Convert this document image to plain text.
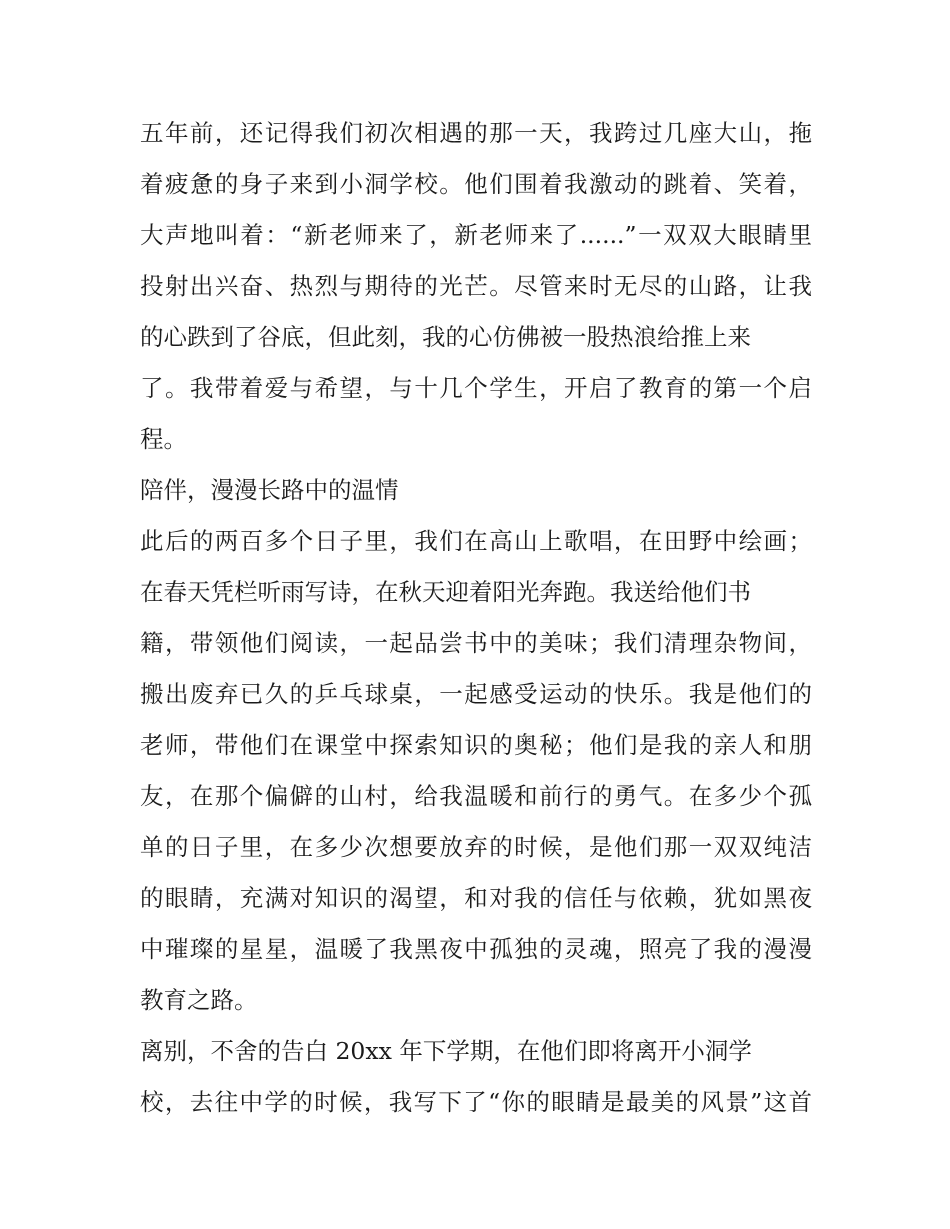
五年前，还记得我们初次相遇的那一天，我跨过几座大山，拖
着疲惫的身子来到小洞学校。他们围着我激动的跳着、笑着，
大声地叫着：“新老师来了，新老师来了......”一双双大眼睛里
投射出兴奋、热烈与期待的光芒。尽管来时无尽的山路，让我
的心跌到了谷底，但此刻，我的心仿佛被一股热浪给推上来
了。我带着爱与希望，与十几个学生，开启了教育的第一个启
程。
陪伴，漫漫长路中的温情
此后的两百多个日子里，我们在高山上歌唱，在田野中绘画；
在春天凭栏听雨写诗，在秋天迎着阳光奔跑。我送给他们书
籍，带领他们阅读，一起品尝书中的美味；我们清理杂物间，
搬出废弃已久的乒乓球桌，一起感受运动的快乐。我是他们的
老师，带他们在课堂中探索知识的奥秘；他们是我的亲人和朋
友，在那个偏僻的山村，给我温暖和前行的勇气。在多少个孤
单的日子里，在多少次想要放弃的时候，是他们那一双双纯洁
的眼睛，充满对知识的渴望，和对我的信任与依赖，犹如黑夜
中璀璨的星星，温暖了我黑夜中孤独的灵魂，照亮了我的漫漫
教育之路。
离别，不舍的告白 20xx 年下学期，在他们即将离开小洞学
校，去往中学的时候，我写下了“你的眼睛是最美的风景”这首
